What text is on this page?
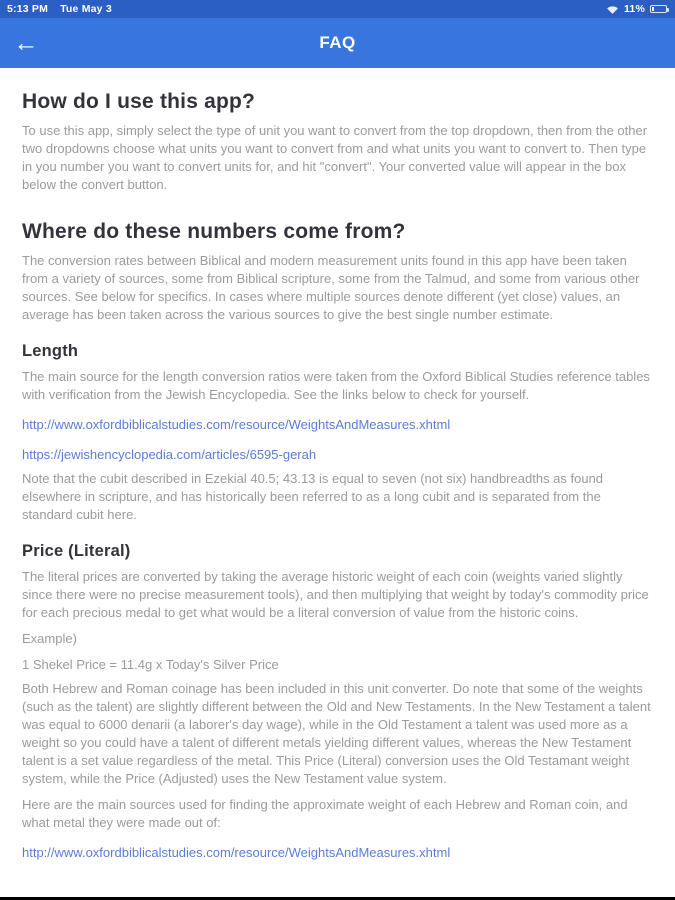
5:13 PM Tue May 3	11%
←	FAQ
How do I use this app?

To use this app, simply select the type of unit you want to convert from the top dropdown, then from the other two dropdowns choose what units you want to convert from and what units you want to convert to. Then type in you number you want to convert units for, and hit "convert". Your converted value will appear in the box below the convert button.

Where do these numbers come from?

The conversion rates between Biblical and modern measurement units found in this app have been taken from a variety of sources, some from Biblical scripture, some from the Talmud, and some from various other sources. See below for specifics. In cases where multiple sources denote different (yet close) values, an average has been taken across the various sources to give the best single number estimate.

Length

The main source for the length conversion ratios were taken from the Oxford Biblical Studies reference tables with verification from the Jewish Encyclopedia. See the links below to check for yourself.

http://www.oxfordbiblicalstudies.com/resource/WeightsAndMeasures.xhtml
https://jewishencyclopedia.com/articles/6595-gerah

Note that the cubit described in Ezekial 40.5; 43.13 is equal to seven (not six) handbreadths as found elsewhere in scripture, and has historically been referred to as a long cubit and is separated from the standard cubit here.

Price (Literal)

The literal prices are converted by taking the average historic weight of each coin (weights varied slightly since there were no precise measurement tools), and then multiplying that weight by today's commodity price for each precious medal to get what would be a literal conversion of value from the historic coins.

Example)

1 Shekel Price = 11.4g x Today's Silver Price

Both Hebrew and Roman coinage has been included in this unit converter. Do note that some of the weights (such as the talent) are slightly different between the Old and New Testaments. In the New Testament a talent was equal to 6000 denarii (a laborer's day wage), while in the Old Testament a talent was used more as a weight so you could have a talent of different metals yielding different values, whereas the New Testament talent is a set value regardless of the metal. This Price (Literal) conversion uses the Old Testamant weight system, while the Price (Adjusted) uses the New Testament value system.

Here are the main sources used for finding the approximate weight of each Hebrew and Roman coin, and what metal they were made out of:

http://www.oxfordbiblicalstudies.com/resource/WeightsAndMeasures.xhtml
